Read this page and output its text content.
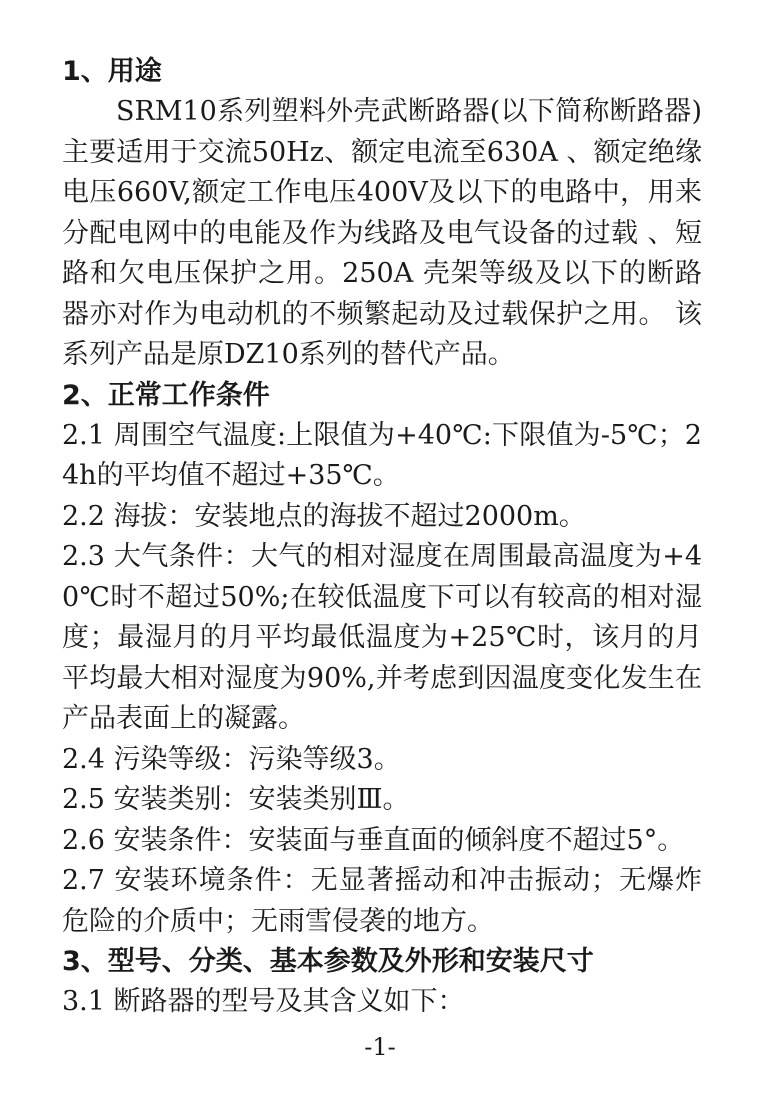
1、用途

SRM10系列塑料外壳武断路器(以下简称断路器)主要适用于交流50Hz、额定电流至630A 、额定绝缘电压660V,额定工作电压400V及以下的电路中，用来分配电网中的电能及作为线路及电气设备的过载 、短路和欠电压保护之用。250A 壳架等级及以下的断路器亦对作为电动机的不频繁起动及过载保护之用。 该系列产品是原DZ10系列的替代产品。

2、正常工作条件

2.1 周围空气温度:上限值为+40℃:下限值为-5℃；24h的平均值不超过+35℃。

2.2 海拔：安装地点的海拔不超过2000m。

2.3 大气条件：大气的相对湿度在周围最高温度为+40℃时不超过50%;在较低温度下可以有较高的相对湿度；最湿月的月平均最低温度为+25℃时，该月的月平均最大相对湿度为90%,并考虑到因温度变化发生在产品表面上的凝露。

2.4 污染等级：污染等级3。

2.5 安装类别：安装类别Ⅲ。

2.6 安装条件：安装面与垂直面的倾斜度不超过5°。

2.7 安装环境条件：无显著摇动和冲击振动；无爆炸危险的介质中；无雨雪侵袭的地方。

3、型号、分类、基本参数及外形和安装尺寸

3.1 断路器的型号及其含义如下：

-1-
